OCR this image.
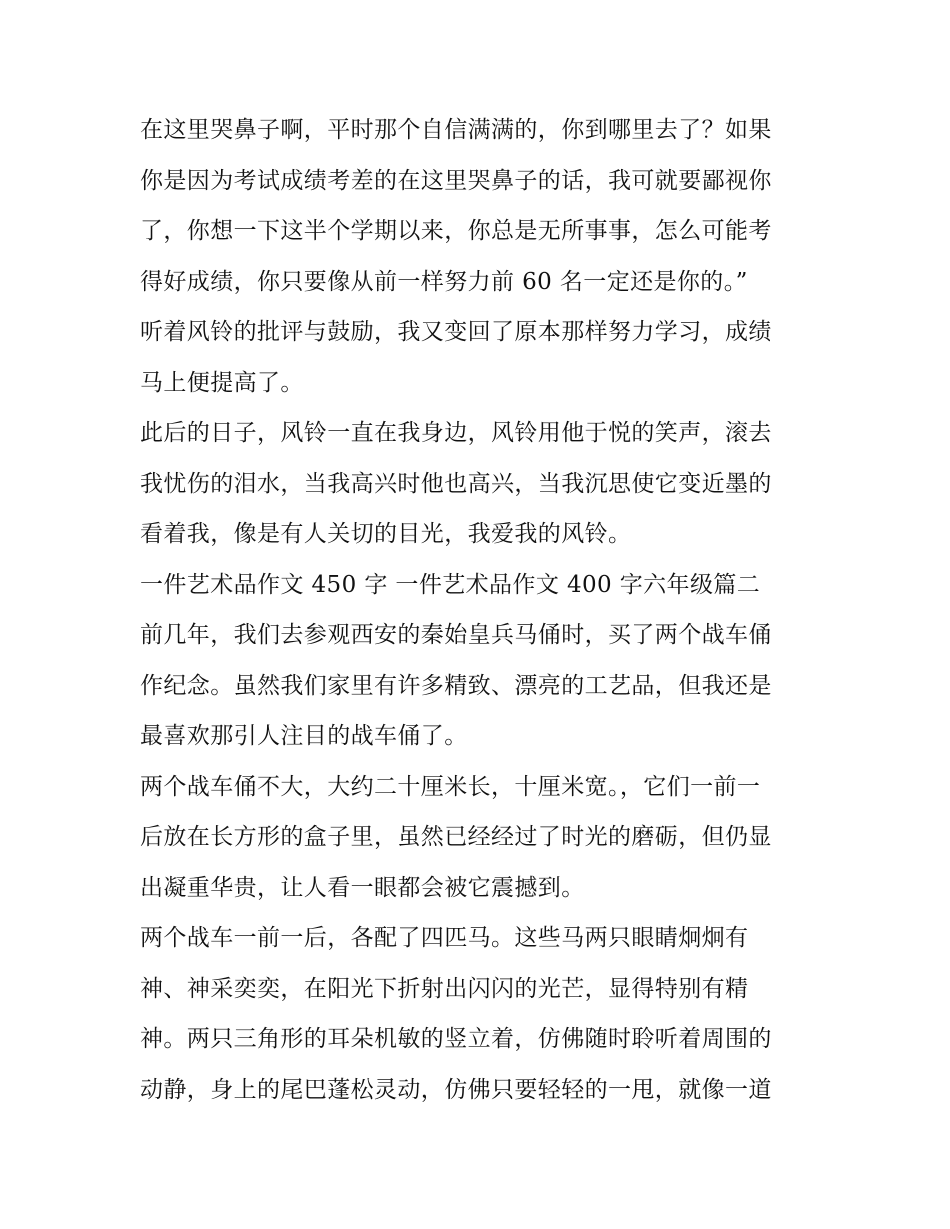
在这里哭鼻子啊，平时那个自信满满的，你到哪里去了？如果
你是因为考试成绩考差的在这里哭鼻子的话，我可就要鄙视你
了，你想一下这半个学期以来，你总是无所事事，怎么可能考
得好成绩，你只要像从前一样努力前 60 名一定还是你的。”
听着风铃的批评与鼓励，我又变回了原本那样努力学习，成绩
马上便提高了。
此后的日子，风铃一直在我身边，风铃用他于悦的笑声，滚去
我忧伤的泪水，当我高兴时他也高兴，当我沉思使它变近墨的
看着我，像是有人关切的目光，我爱我的风铃。
一件艺术品作文 450 字 一件艺术品作文 400 字六年级篇二
前几年，我们去参观西安的秦始皇兵马俑时，买了两个战车俑
作纪念。虽然我们家里有许多精致、漂亮的工艺品，但我还是
最喜欢那引人注目的战车俑了。
两个战车俑不大，大约二十厘米长，十厘米宽。，它们一前一
后放在长方形的盒子里，虽然已经经过了时光的磨砺，但仍显
出凝重华贵，让人看一眼都会被它震撼到。
两个战车一前一后，各配了四匹马。这些马两只眼睛炯炯有
神、神采奕奕，在阳光下折射出闪闪的光芒，显得特别有精
神。两只三角形的耳朵机敏的竖立着，仿佛随时聆听着周围的
动静，身上的尾巴蓬松灵动，仿佛只要轻轻的一甩，就像一道
